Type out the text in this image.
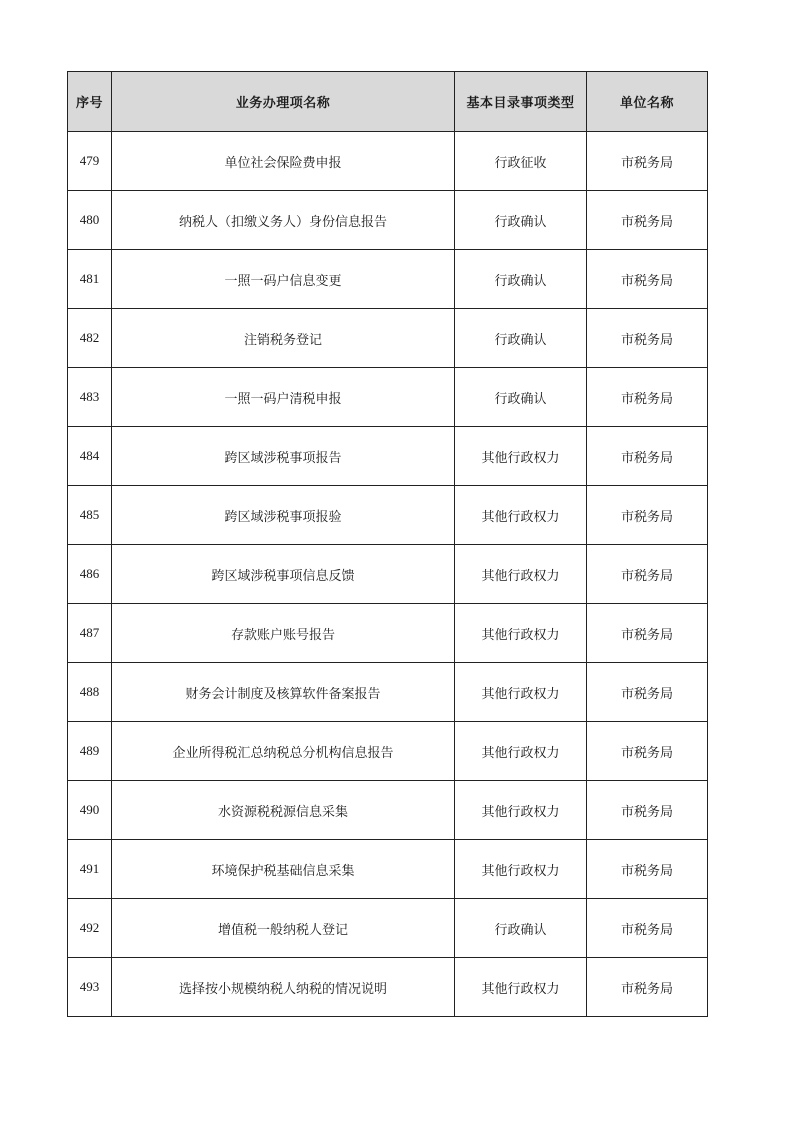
序号	业务办理项名称	基本目录事项类型	单位名称
479	单位社会保险费申报	行政征收	市税务局
480	纳税人（扣缴义务人）身份信息报告	行政确认	市税务局
481	一照一码户信息变更	行政确认	市税务局
482	注销税务登记	行政确认	市税务局
483	一照一码户清税申报	行政确认	市税务局
484	跨区域涉税事项报告	其他行政权力	市税务局
485	跨区域涉税事项报验	其他行政权力	市税务局
486	跨区域涉税事项信息反馈	其他行政权力	市税务局
487	存款账户账号报告	其他行政权力	市税务局
488	财务会计制度及核算软件备案报告	其他行政权力	市税务局
489	企业所得税汇总纳税总分机构信息报告	其他行政权力	市税务局
490	水资源税税源信息采集	其他行政权力	市税务局
491	环境保护税基础信息采集	其他行政权力	市税务局
492	增值税一般纳税人登记	行政确认	市税务局
493	选择按小规模纳税人纳税的情况说明	其他行政权力	市税务局
